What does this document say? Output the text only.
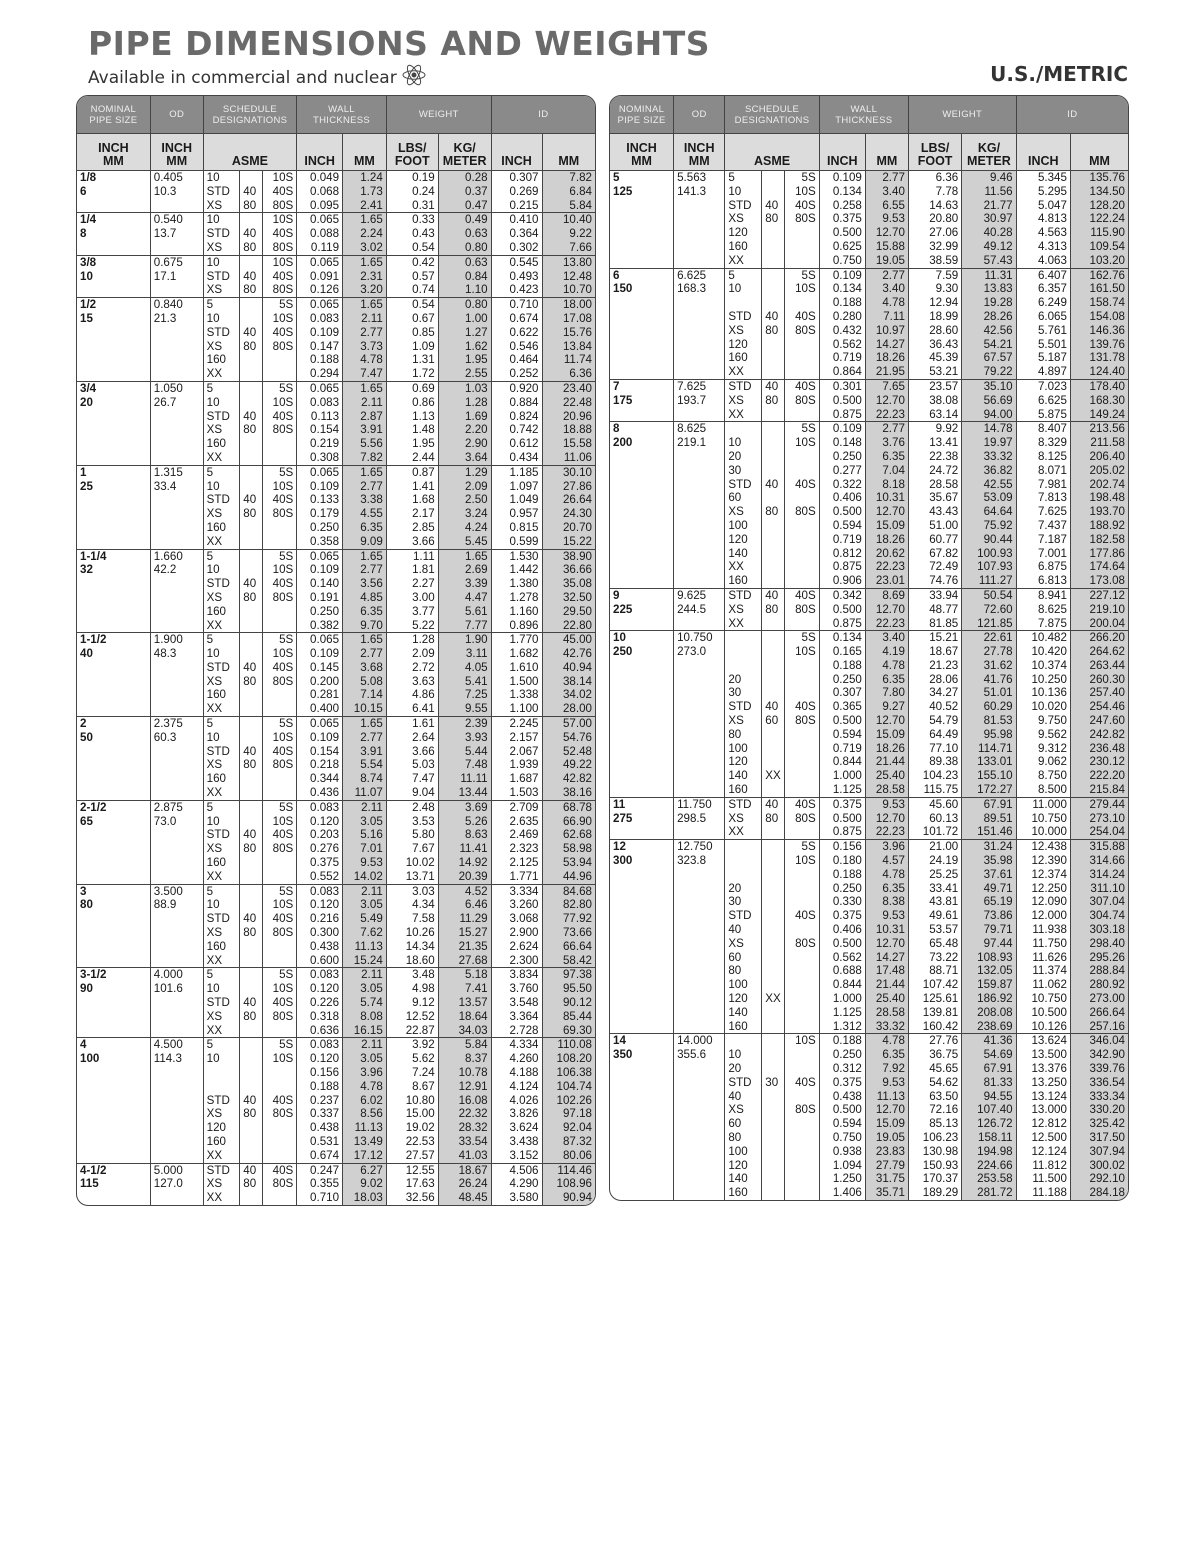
PIPE DIMENSIONS AND WEIGHTS
Available in commercial and nuclear	U.S./METRIC
NOMINAL PIPE SIZE	OD	SCHEDULE DESIGNATIONS			WALL THICKNESS		WEIGHT		ID	
INCH
MM	INCH
MM	ASME			INCH	MM	LBS/
FOOT	KG/
METER	INCH	MM
1/8	0.405	10		10S	0.049	1.24	0.19	0.28	0.307	7.82
6	10.3	STD	40	40S	0.068	1.73	0.24	0.37	0.269	6.84
		XS	80	80S	0.095	2.41	0.31	0.47	0.215	5.84
1/4	0.540	10		10S	0.065	1.65	0.33	0.49	0.410	10.40
8	13.7	STD	40	40S	0.088	2.24	0.43	0.63	0.364	9.22
		XS	80	80S	0.119	3.02	0.54	0.80	0.302	7.66
3/8	0.675	10		10S	0.065	1.65	0.42	0.63	0.545	13.80
10	17.1	STD	40	40S	0.091	2.31	0.57	0.84	0.493	12.48
		XS	80	80S	0.126	3.20	0.74	1.10	0.423	10.70
1/2	0.840	5		5S	0.065	1.65	0.54	0.80	0.710	18.00
15	21.3	10		10S	0.083	2.11	0.67	1.00	0.674	17.08
		STD	40	40S	0.109	2.77	0.85	1.27	0.622	15.76
		XS	80	80S	0.147	3.73	1.09	1.62	0.546	13.84
		160			0.188	4.78	1.31	1.95	0.464	11.74
		XX			0.294	7.47	1.72	2.55	0.252	6.36
3/4	1.050	5		5S	0.065	1.65	0.69	1.03	0.920	23.40
20	26.7	10		10S	0.083	2.11	0.86	1.28	0.884	22.48
		STD	40	40S	0.113	2.87	1.13	1.69	0.824	20.96
		XS	80	80S	0.154	3.91	1.48	2.20	0.742	18.88
		160			0.219	5.56	1.95	2.90	0.612	15.58
		XX			0.308	7.82	2.44	3.64	0.434	11.06
1	1.315	5		5S	0.065	1.65	0.87	1.29	1.185	30.10
25	33.4	10		10S	0.109	2.77	1.41	2.09	1.097	27.86
		STD	40	40S	0.133	3.38	1.68	2.50	1.049	26.64
		XS	80	80S	0.179	4.55	2.17	3.24	0.957	24.30
		160			0.250	6.35	2.85	4.24	0.815	20.70
		XX			0.358	9.09	3.66	5.45	0.599	15.22
1-1/4	1.660	5		5S	0.065	1.65	1.11	1.65	1.530	38.90
32	42.2	10		10S	0.109	2.77	1.81	2.69	1.442	36.66
		STD	40	40S	0.140	3.56	2.27	3.39	1.380	35.08
		XS	80	80S	0.191	4.85	3.00	4.47	1.278	32.50
		160			0.250	6.35	3.77	5.61	1.160	29.50
		XX			0.382	9.70	5.22	7.77	0.896	22.80
1-1/2	1.900	5		5S	0.065	1.65	1.28	1.90	1.770	45.00
40	48.3	10		10S	0.109	2.77	2.09	3.11	1.682	42.76
		STD	40	40S	0.145	3.68	2.72	4.05	1.610	40.94
		XS	80	80S	0.200	5.08	3.63	5.41	1.500	38.14
		160			0.281	7.14	4.86	7.25	1.338	34.02
		XX			0.400	10.15	6.41	9.55	1.100	28.00
2	2.375	5		5S	0.065	1.65	1.61	2.39	2.245	57.00
50	60.3	10		10S	0.109	2.77	2.64	3.93	2.157	54.76
		STD	40	40S	0.154	3.91	3.66	5.44	2.067	52.48
		XS	80	80S	0.218	5.54	5.03	7.48	1.939	49.22
		160			0.344	8.74	7.47	11.11	1.687	42.82
		XX			0.436	11.07	9.04	13.44	1.503	38.16
2-1/2	2.875	5		5S	0.083	2.11	2.48	3.69	2.709	68.78
65	73.0	10		10S	0.120	3.05	3.53	5.26	2.635	66.90
		STD	40	40S	0.203	5.16	5.80	8.63	2.469	62.68
		XS	80	80S	0.276	7.01	7.67	11.41	2.323	58.98
		160			0.375	9.53	10.02	14.92	2.125	53.94
		XX			0.552	14.02	13.71	20.39	1.771	44.96
3	3.500	5		5S	0.083	2.11	3.03	4.52	3.334	84.68
80	88.9	10		10S	0.120	3.05	4.34	6.46	3.260	82.80
		STD	40	40S	0.216	5.49	7.58	11.29	3.068	77.92
		XS	80	80S	0.300	7.62	10.26	15.27	2.900	73.66
		160			0.438	11.13	14.34	21.35	2.624	66.64
		XX			0.600	15.24	18.60	27.68	2.300	58.42
3-1/2	4.000	5		5S	0.083	2.11	3.48	5.18	3.834	97.38
90	101.6	10		10S	0.120	3.05	4.98	7.41	3.760	95.50
		STD	40	40S	0.226	5.74	9.12	13.57	3.548	90.12
		XS	80	80S	0.318	8.08	12.52	18.64	3.364	85.44
		XX			0.636	16.15	22.87	34.03	2.728	69.30
4	4.500	5		5S	0.083	2.11	3.92	5.84	4.334	110.08
100	114.3	10		10S	0.120	3.05	5.62	8.37	4.260	108.20
					0.156	3.96	7.24	10.78	4.188	106.38
					0.188	4.78	8.67	12.91	4.124	104.74
		STD	40	40S	0.237	6.02	10.80	16.08	4.026	102.26
		XS	80	80S	0.337	8.56	15.00	22.32	3.826	97.18
		120			0.438	11.13	19.02	28.32	3.624	92.04
		160			0.531	13.49	22.53	33.54	3.438	87.32
		XX			0.674	17.12	27.57	41.03	3.152	80.06
4-1/2	5.000	STD	40	40S	0.247	6.27	12.55	18.67	4.506	114.46
115	127.0	XS	80	80S	0.355	9.02	17.63	26.24	4.290	108.96
		XX			0.710	18.03	32.56	48.45	3.580	90.94
NOMINAL PIPE SIZE	OD	SCHEDULE DESIGNATIONS			WALL THICKNESS		WEIGHT		ID	
INCH
MM	INCH
MM	ASME			INCH	MM	LBS/
FOOT	KG/
METER	INCH	MM
5	5.563	5		5S	0.109	2.77	6.36	9.46	5.345	135.76
125	141.3	10		10S	0.134	3.40	7.78	11.56	5.295	134.50
		STD	40	40S	0.258	6.55	14.63	21.77	5.047	128.20
		XS	80	80S	0.375	9.53	20.80	30.97	4.813	122.24
		120			0.500	12.70	27.06	40.28	4.563	115.90
		160			0.625	15.88	32.99	49.12	4.313	109.54
		XX			0.750	19.05	38.59	57.43	4.063	103.20
6	6.625	5		5S	0.109	2.77	7.59	11.31	6.407	162.76
150	168.3	10		10S	0.134	3.40	9.30	13.83	6.357	161.50
					0.188	4.78	12.94	19.28	6.249	158.74
		STD	40	40S	0.280	7.11	18.99	28.26	6.065	154.08
		XS	80	80S	0.432	10.97	28.60	42.56	5.761	146.36
		120			0.562	14.27	36.43	54.21	5.501	139.76
		160			0.719	18.26	45.39	67.57	5.187	131.78
		XX			0.864	21.95	53.21	79.22	4.897	124.40
7	7.625	STD	40	40S	0.301	7.65	23.57	35.10	7.023	178.40
175	193.7	XS	80	80S	0.500	12.70	38.08	56.69	6.625	168.30
		XX			0.875	22.23	63.14	94.00	5.875	149.24
8	8.625			5S	0.109	2.77	9.92	14.78	8.407	213.56
200	219.1	10		10S	0.148	3.76	13.41	19.97	8.329	211.58
		20			0.250	6.35	22.38	33.32	8.125	206.40
		30			0.277	7.04	24.72	36.82	8.071	205.02
		STD	40	40S	0.322	8.18	28.58	42.55	7.981	202.74
		60			0.406	10.31	35.67	53.09	7.813	198.48
		XS	80	80S	0.500	12.70	43.43	64.64	7.625	193.70
		100			0.594	15.09	51.00	75.92	7.437	188.92
		120			0.719	18.26	60.77	90.44	7.187	182.58
		140			0.812	20.62	67.82	100.93	7.001	177.86
		XX			0.875	22.23	72.49	107.93	6.875	174.64
		160			0.906	23.01	74.76	111.27	6.813	173.08
9	9.625	STD	40	40S	0.342	8.69	33.94	50.54	8.941	227.12
225	244.5	XS	80	80S	0.500	12.70	48.77	72.60	8.625	219.10
		XX			0.875	22.23	81.85	121.85	7.875	200.04
10	10.750			5S	0.134	3.40	15.21	22.61	10.482	266.20
250	273.0			10S	0.165	4.19	18.67	27.78	10.420	264.62
					0.188	4.78	21.23	31.62	10.374	263.44
		20			0.250	6.35	28.06	41.76	10.250	260.30
		30			0.307	7.80	34.27	51.01	10.136	257.40
		STD	40	40S	0.365	9.27	40.52	60.29	10.020	254.46
		XS	60	80S	0.500	12.70	54.79	81.53	9.750	247.60
		80			0.594	15.09	64.49	95.98	9.562	242.82
		100			0.719	18.26	77.10	114.71	9.312	236.48
		120			0.844	21.44	89.38	133.01	9.062	230.12
		140	XX		1.000	25.40	104.23	155.10	8.750	222.20
		160			1.125	28.58	115.75	172.27	8.500	215.84
11	11.750	STD	40	40S	0.375	9.53	45.60	67.91	11.000	279.44
275	298.5	XS	80	80S	0.500	12.70	60.13	89.51	10.750	273.10
		XX			0.875	22.23	101.72	151.46	10.000	254.04
12	12.750			5S	0.156	3.96	21.00	31.24	12.438	315.88
300	323.8			10S	0.180	4.57	24.19	35.98	12.390	314.66
					0.188	4.78	25.25	37.61	12.374	314.24
		20			0.250	6.35	33.41	49.71	12.250	311.10
		30			0.330	8.38	43.81	65.19	12.090	307.04
		STD		40S	0.375	9.53	49.61	73.86	12.000	304.74
		40			0.406	10.31	53.57	79.71	11.938	303.18
		XS		80S	0.500	12.70	65.48	97.44	11.750	298.40
		60			0.562	14.27	73.22	108.93	11.626	295.26
		80			0.688	17.48	88.71	132.05	11.374	288.84
		100			0.844	21.44	107.42	159.87	11.062	280.92
		120	XX		1.000	25.40	125.61	186.92	10.750	273.00
		140			1.125	28.58	139.81	208.08	10.500	266.64
		160			1.312	33.32	160.42	238.69	10.126	257.16
14	14.000			10S	0.188	4.78	27.76	41.36	13.624	346.04
350	355.6	10			0.250	6.35	36.75	54.69	13.500	342.90
		20			0.312	7.92	45.65	67.91	13.376	339.76
		STD	30	40S	0.375	9.53	54.62	81.33	13.250	336.54
		40			0.438	11.13	63.50	94.55	13.124	333.34
		XS		80S	0.500	12.70	72.16	107.40	13.000	330.20
		60			0.594	15.09	85.13	126.72	12.812	325.42
		80			0.750	19.05	106.23	158.11	12.500	317.50
		100			0.938	23.83	130.98	194.98	12.124	307.94
		120			1.094	27.79	150.93	224.66	11.812	300.02
		140			1.250	31.75	170.37	253.58	11.500	292.10
		160			1.406	35.71	189.29	281.72	11.188	284.18
